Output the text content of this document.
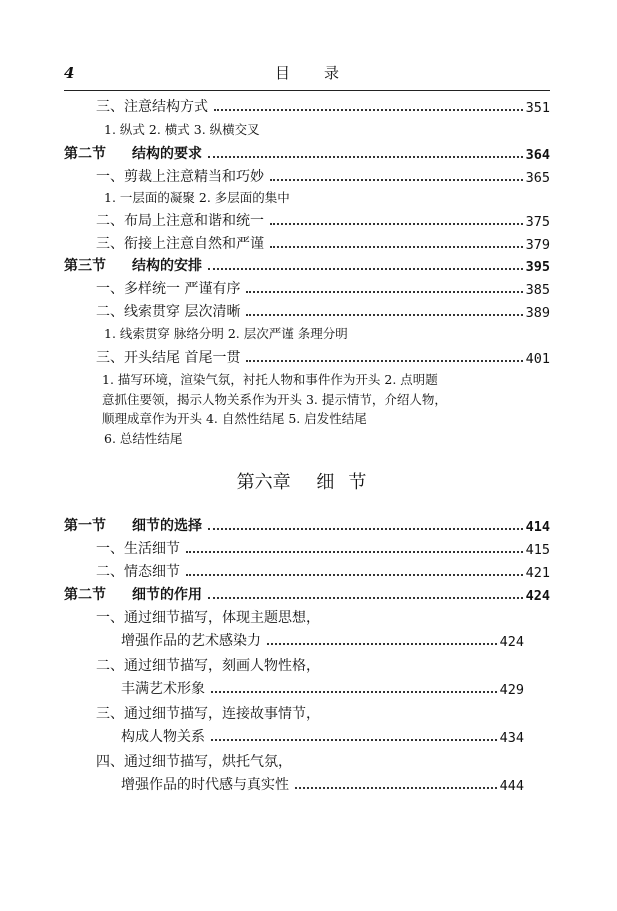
4	目录
三、注意结构方式	351
1. 纵式 2. 横式 3. 纵横交叉
第二节 结构的要求	364
一、剪裁上注意精当和巧妙	365
1. 一层面的凝聚 2. 多层面的集中
二、布局上注意和谐和统一	375
三、衔接上注意自然和严谨	379
第三节 结构的安排	395
一、多样统一 严谨有序	385
二、线索贯穿 层次清晰	389
1. 线索贯穿 脉络分明 2. 层次严谨 条理分明
三、开头结尾 首尾一贯	401
1. 描写环境，渲染气氛，衬托人物和事件作为开头 2. 点明题
意抓住要领，揭示人物关系作为开头 3. 提示情节，介绍人物，
顺理成章作为开头 4. 自然性结尾 5. 启发性结尾
6. 总结性结尾
第六章 细节
第一节 细节的选择	414
一、生活细节	415
二、情态细节	421
第二节 细节的作用	424
一、通过细节描写，体现主题思想，
增强作品的艺术感染力	424
二、通过细节描写，刻画人物性格，
丰满艺术形象	429
三、通过细节描写，连接故事情节，
构成人物关系	434
四、通过细节描写，烘托气氛，
增强作品的时代感与真实性	444
